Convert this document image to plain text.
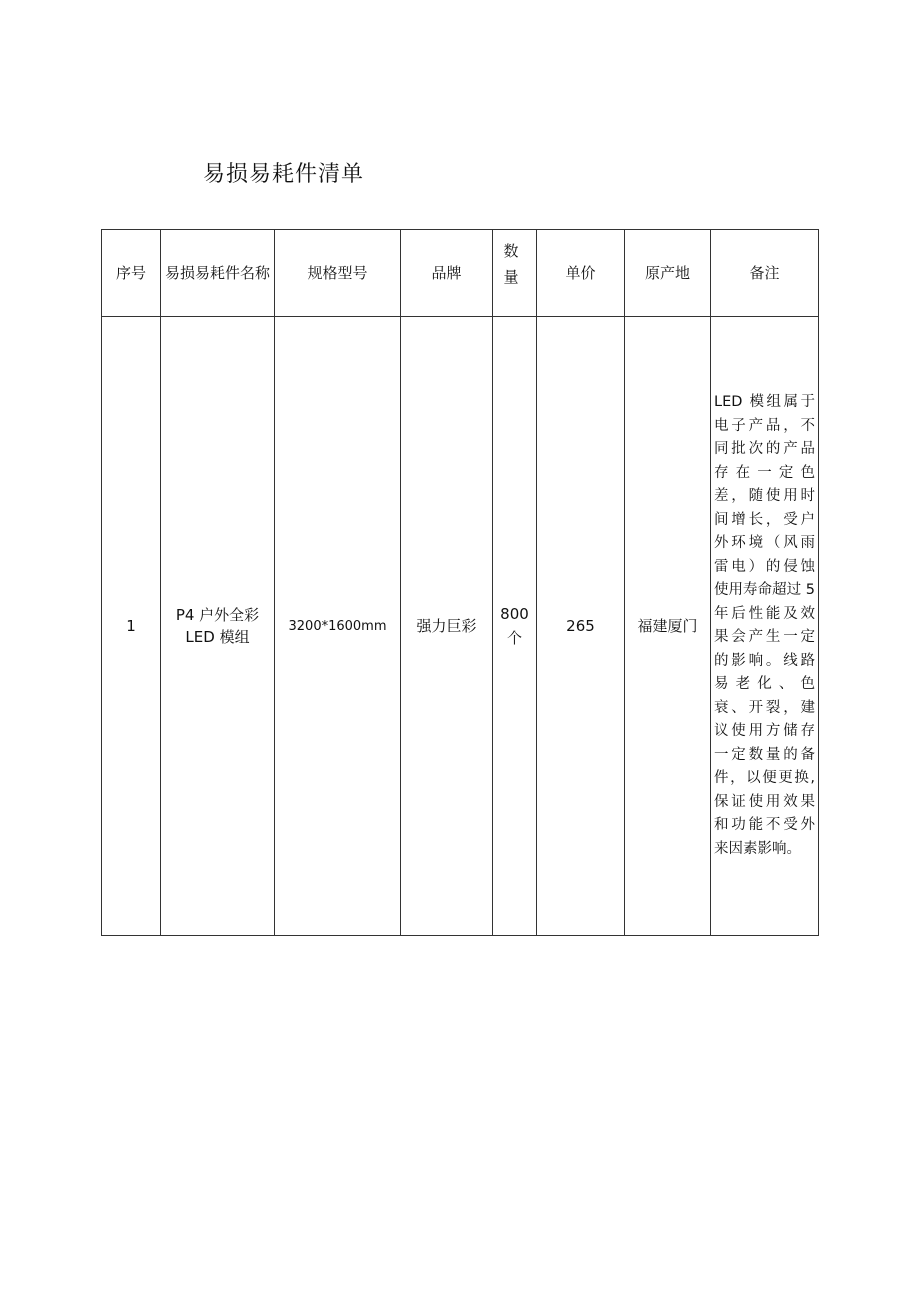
易损易耗件清单
序号	易损易耗件名称	规格型号	品牌	数量	单价	原产地	备注
1	P4 户外全彩 LED 模组	3200*1600mm	强力巨彩	800 个	265	福建厦门	LED 模组属于电子产品，不同批次的产品存在一定色差，随使用时间增长，受户外环境（风雨雷电）的侵蚀使用寿命超过 5 年后性能及效果会产生一定的影响。线路易老化、色衰、开裂，建议使用方储存一定数量的备件，以便更换,保证使用效果和功能不受外来因素影响。
